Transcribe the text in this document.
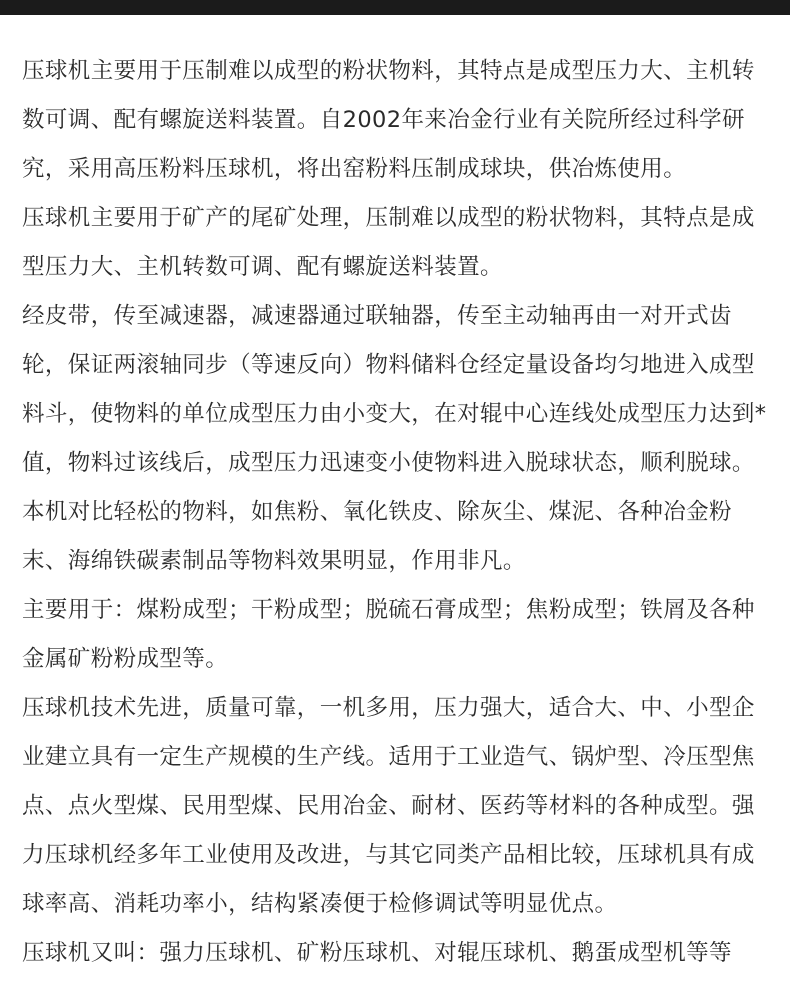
压球机主要用于压制难以成型的粉状物料，其特点是成型压力大、主机转数可调、配有螺旋送料装置。自2002年来冶金行业有关院所经过科学研究，采用高压粉料压球机，将出窑粉料压制成球块，供冶炼使用。

压球机主要用于矿产的尾矿处理，压制难以成型的粉状物料，其特点是成型压力大、主机转数可调、配有螺旋送料装置。

经皮带，传至减速器，减速器通过联轴器，传至主动轴再由一对开式齿轮，保证两滚轴同步（等速反向）物料储料仓经定量设备均匀地进入成型料斗，使物料的单位成型压力由小变大，在对辊中心连线处成型压力达到*值，物料过该线后，成型压力迅速变小使物料进入脱球状态，顺利脱球。

本机对比轻松的物料，如焦粉、氧化铁皮、除灰尘、煤泥、各种冶金粉末、海绵铁碳素制品等物料效果明显，作用非凡。

主要用于：煤粉成型；干粉成型；脱硫石膏成型；焦粉成型；铁屑及各种金属矿粉粉成型等。

压球机技术先进，质量可靠，一机多用，压力强大，适合大、中、小型企业建立具有一定生产规模的生产线。适用于工业造气、锅炉型、冷压型焦点、点火型煤、民用型煤、民用冶金、耐材、医药等材料的各种成型。强力压球机经多年工业使用及改进，与其它同类产品相比较，压球机具有成球率高、消耗功率小，结构紧凑便于检修调试等明显优点。

压球机又叫：强力压球机、矿粉压球机、对辊压球机、鹅蛋成型机等等
